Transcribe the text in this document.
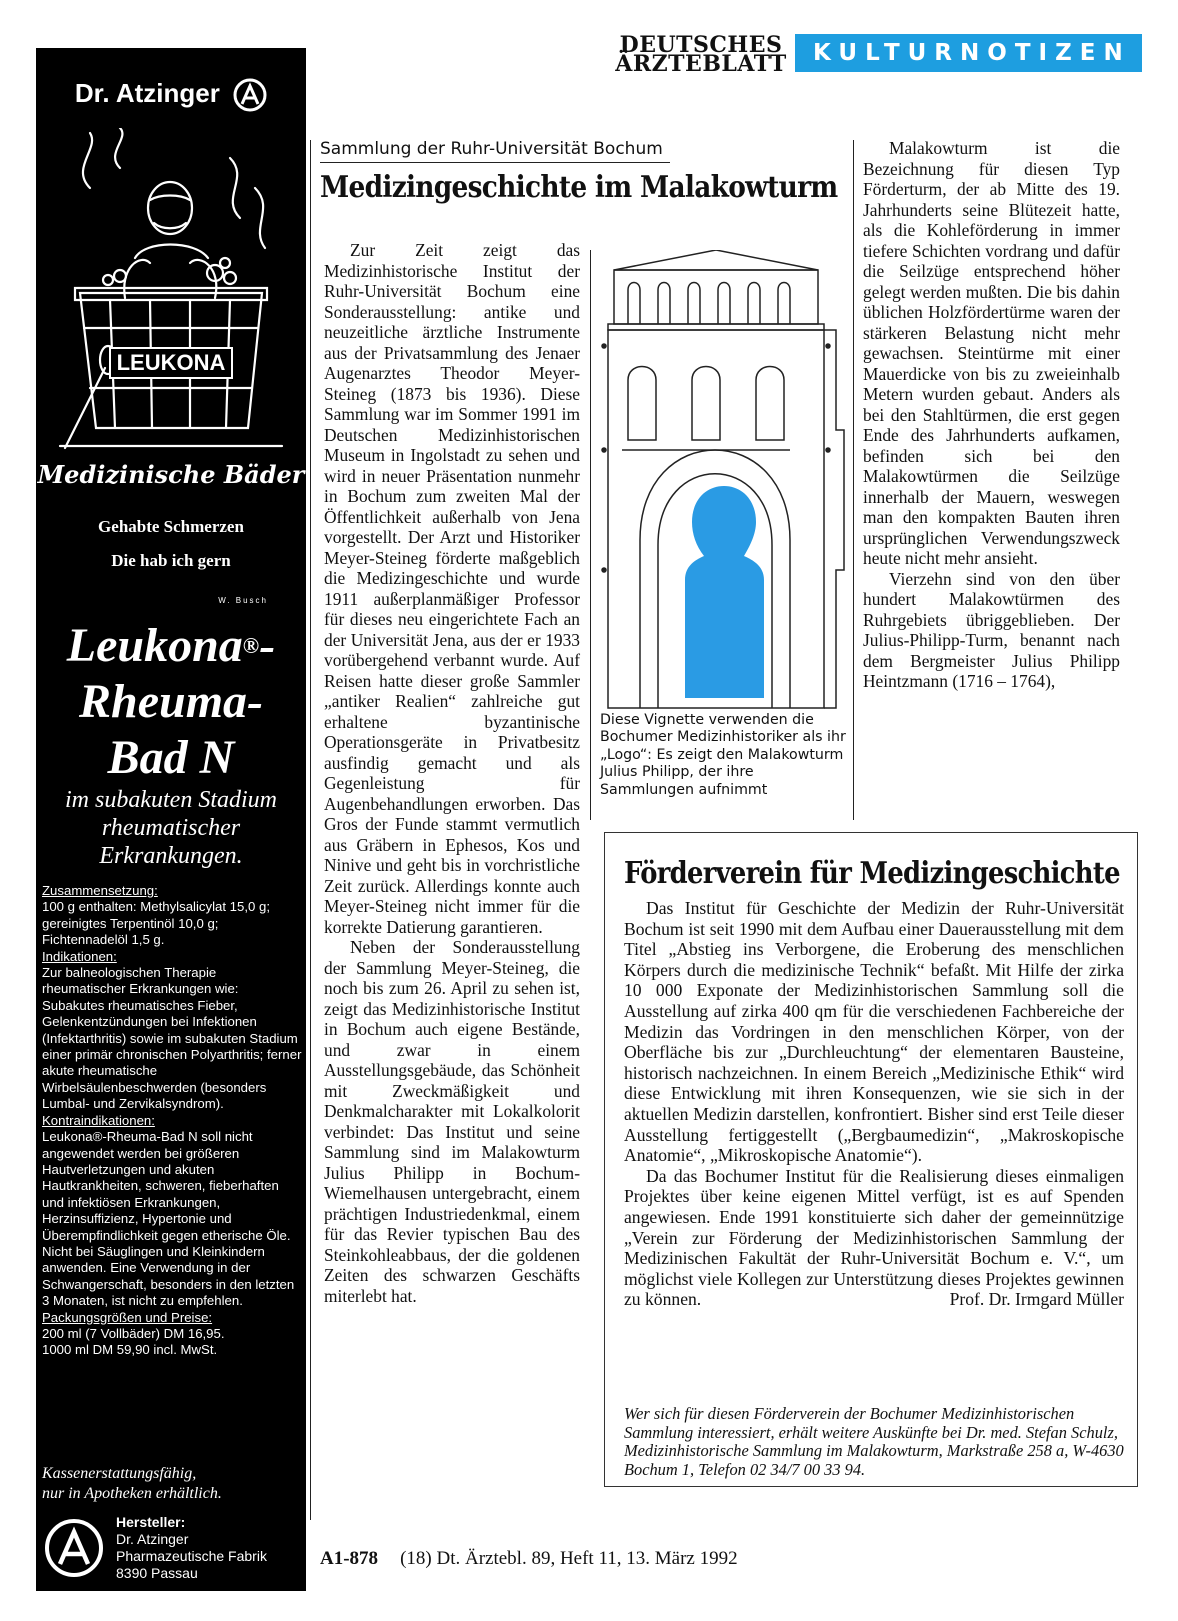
DEUTSCHES
ÄRZTEBLATT	KULTURNOTIZEN
Dr. Atzinger
LEUKONA
Medizinische Bäder
Gehabte Schmerzen
Die hab ich gern
W. Busch
Leukona®-
Rheuma-
Bad N
im subakuten Stadium
rheumatischer
Erkrankungen.
Zusammensetzung:

100 g enthalten: Methylsalicylat 15,0 g; gereinigtes Terpentinöl 10,0 g; Fichtennadelöl 1,5 g.

Indikationen:

Zur balneologischen Therapie rheumatischer Erkrankungen wie: Subakutes rheumatisches Fieber, Gelenkentzündungen bei Infektionen (Infektarthritis) sowie im subakuten Stadium einer primär chronischen Polyarthritis; ferner akute rheumatische Wirbelsäulenbeschwerden (besonders Lumbal- und Zervikalsyndrom).

Kontraindikationen:

Leukona®-Rheuma-Bad N soll nicht angewendet werden bei größeren Hautverletzungen und akuten Hautkrankheiten, schweren, fieberhaften und infektiösen Erkrankungen, Herzinsuffizienz, Hypertonie und Überempfindlichkeit gegen etherische Öle. Nicht bei Säuglingen und Kleinkindern anwenden. Eine Verwendung in der Schwangerschaft, besonders in den letzten 3 Monaten, ist nicht zu empfehlen.

Packungsgrößen und Preise:

200 ml (7 Vollbäder) DM 16,95.

1000 ml DM 59,90 incl. MwSt.

Kassenerstattungsfähig,
nur in Apotheken erhältlich.
Hersteller:
Dr. Atzinger
Pharmazeutische Fabrik
8390 Passau
Sammlung der Ruhr-Universität Bochum
Medizingeschichte im Malakowturm

Zur Zeit zeigt das Medizinhistorische Institut der Ruhr-Universität Bochum eine Sonderausstellung: antike und neuzeitliche ärztliche Instrumente aus der Privatsammlung des Jenaer Augenarztes Theodor Meyer-Steineg (1873 bis 1936). Diese Sammlung war im Sommer 1991 im Deutschen Medizinhistorischen Museum in Ingolstadt zu sehen und wird in neuer Präsentation nunmehr in Bochum zum zweiten Mal der Öffentlichkeit außerhalb von Jena vorgestellt. Der Arzt und Historiker Meyer-Steineg förderte maßgeblich die Medizingeschichte und wurde 1911 außerplanmäßiger Professor für dieses neu eingerichtete Fach an der Universität Jena, aus der er 1933 vorübergehend verbannt wurde. Auf Reisen hatte dieser große Sammler „antiker Realien“ zahlreiche gut erhaltene byzantinische Operationsgeräte in Privatbesitz ausfindig gemacht und als Gegenleistung für Augenbehandlungen erworben. Das Gros der Funde stammt vermutlich aus Gräbern in Ephesos, Kos und Ninive und geht bis in vorchristliche Zeit zurück. Allerdings konnte auch Meyer-Steineg nicht immer für die korrekte Datierung garantieren.

Neben der Sonderausstellung der Sammlung Meyer-Steineg, die noch bis zum 26. April zu sehen ist, zeigt das Medizinhistorische Institut in Bochum auch eigene Bestände, und zwar in einem Ausstellungsgebäude, das Schönheit mit Zweckmäßigkeit und Denkmalcharakter mit Lokalkolorit verbindet: Das Institut und seine Sammlung sind im Malakowturm Julius Philipp in Bochum-Wiemelhausen untergebracht, einem prächtigen Industriedenkmal, einem für das Revier typischen Bau des Steinkohleabbaus, der die goldenen Zeiten des schwarzen Geschäfts miterlebt hat.

Diese Vignette verwenden die Bochumer Medizinhistoriker als ihr „Logo“: Es zeigt den Malakowturm Julius Philipp, der ihre Sammlungen aufnimmt

Malakowturm ist die Bezeichnung für diesen Typ Förderturm, der ab Mitte des 19. Jahrhunderts seine Blütezeit hatte, als die Kohleförderung in immer tiefere Schichten vordrang und dafür die Seilzüge entsprechend höher gelegt werden mußten. Die bis dahin üblichen Holzfördertürme waren der stärkeren Belastung nicht mehr gewachsen. Steintürme mit einer Mauerdicke von bis zu zweieinhalb Metern wurden gebaut. Anders als bei den Stahltürmen, die erst gegen Ende des Jahrhunderts aufkamen, befinden sich bei den Malakowtürmen die Seilzüge innerhalb der Mauern, weswegen man den kompakten Bauten ihren ursprünglichen Verwendungszweck heute nicht mehr ansieht.

Vierzehn sind von den über hundert Malakowtürmen des Ruhrgebiets übriggeblieben. Der Julius-Philipp-Turm, benannt nach dem Bergmeister Julius Philipp Heintzmann (1716 – 1764),

Förderverein für Medizingeschichte

Das Institut für Geschichte der Medizin der Ruhr-Universität Bochum ist seit 1990 mit dem Aufbau einer Dauerausstellung mit dem Titel „Abstieg ins Verborgene, die Eroberung des menschlichen Körpers durch die medizinische Technik“ befaßt. Mit Hilfe der zirka 10 000 Exponate der Medizinhistorischen Sammlung soll die Ausstellung auf zirka 400 qm für die verschiedenen Fachbereiche der Medizin das Vordringen in den menschlichen Körper, von der Oberfläche bis zur „Durchleuchtung“ der elementaren Bausteine, historisch nachzeichnen. In einem Bereich „Medizinische Ethik“ wird diese Entwicklung mit ihren Konsequenzen, wie sie sich in der aktuellen Medizin darstellen, konfrontiert. Bisher sind erst Teile dieser Ausstellung fertiggestellt („Bergbaumedizin“, „Makroskopische Anatomie“, „Mikroskopische Anatomie“).

Da das Bochumer Institut für die Realisierung dieses einmaligen Projektes über keine eigenen Mittel verfügt, ist es auf Spenden angewiesen. Ende 1991 konstituierte sich daher der gemeinnützige „Verein zur Förderung der Medizinhistorischen Sammlung der Medizinischen Fakultät der Ruhr-Universität Bochum e. V.“, um möglichst viele Kollegen zur Unterstützung dieses Projektes gewinnen zu können.	Prof. Dr. Irmgard Müller

Wer sich für diesen Förderverein der Bochumer Medizinhistorischen Sammlung interessiert, erhält weitere Auskünfte bei Dr. med. Stefan Schulz, Medizinhistorische Sammlung im Malakowturm, Markstraße 258 a, W-4630 Bochum 1, Telefon 02 34/7 00 33 94.
A1-878 (18) Dt. Ärztebl. 89, Heft 11, 13. März 1992
